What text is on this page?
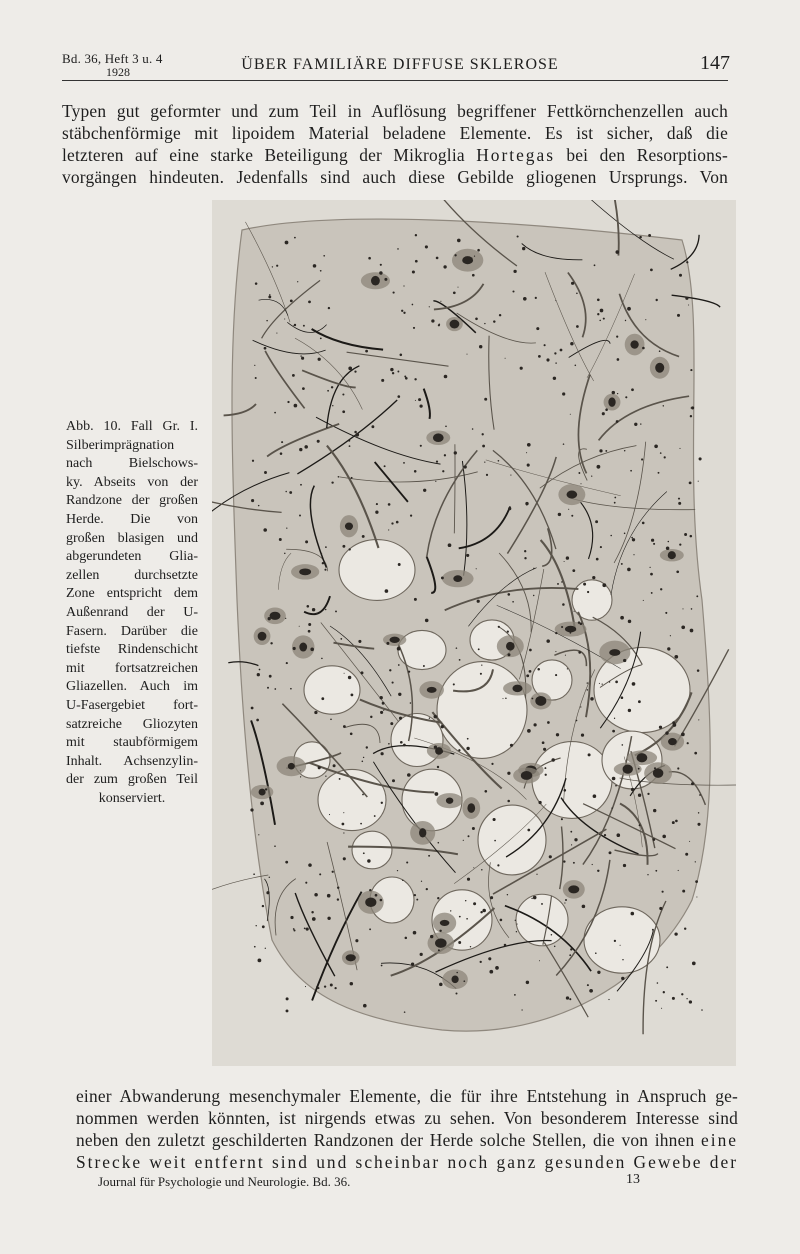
Bd. 36, Heft 3 u. 4
1928	ÜBER FAMILIÄRE DIFFUSE SKLEROSE	147
Typen gut geformter und zum Teil in Auflösung begriffener Fettkörnchenzellen auch
stäbchenförmige mit lipoidem Material beladene Elemente. Es ist sicher, daß die
letzteren auf eine starke Beteiligung der Mikroglia Hortegas bei den Resorptions-
vorgängen hindeuten. Jedenfalls sind auch diese Gebilde gliogenen Ursprungs. Von
Abb. 10. Fall Gr. I.
Silberimprägnation
nach Bielschows-
ky. Abseits von der
Randzone der großen
Herde. Die von
großen blasigen und
abgerundeten Glia-
zellen durchsetzte
Zone entspricht dem
Außenrand der U-
Fasern. Darüber die
tiefste Rindenschicht
mit fortsatzreichen
Gliazellen. Auch im
U-Fasergebiet fort-
satzreiche Gliozyten
mit staubförmigem
Inhalt. Achsenzylin-
der zum großen Teil
konserviert.
einer Abwanderung mesenchymaler Elemente, die für ihre Entstehung in Anspruch ge-
nommen werden könnten, ist nirgends etwas zu sehen. Von besonderem Interesse sind
neben den zuletzt geschilderten Randzonen der Herde solche Stellen, die von ihnen eine
Strecke weit entfernt sind und scheinbar noch ganz gesunden Gewebe der
Journal für Psychologie und Neurologie. Bd. 36.	13
